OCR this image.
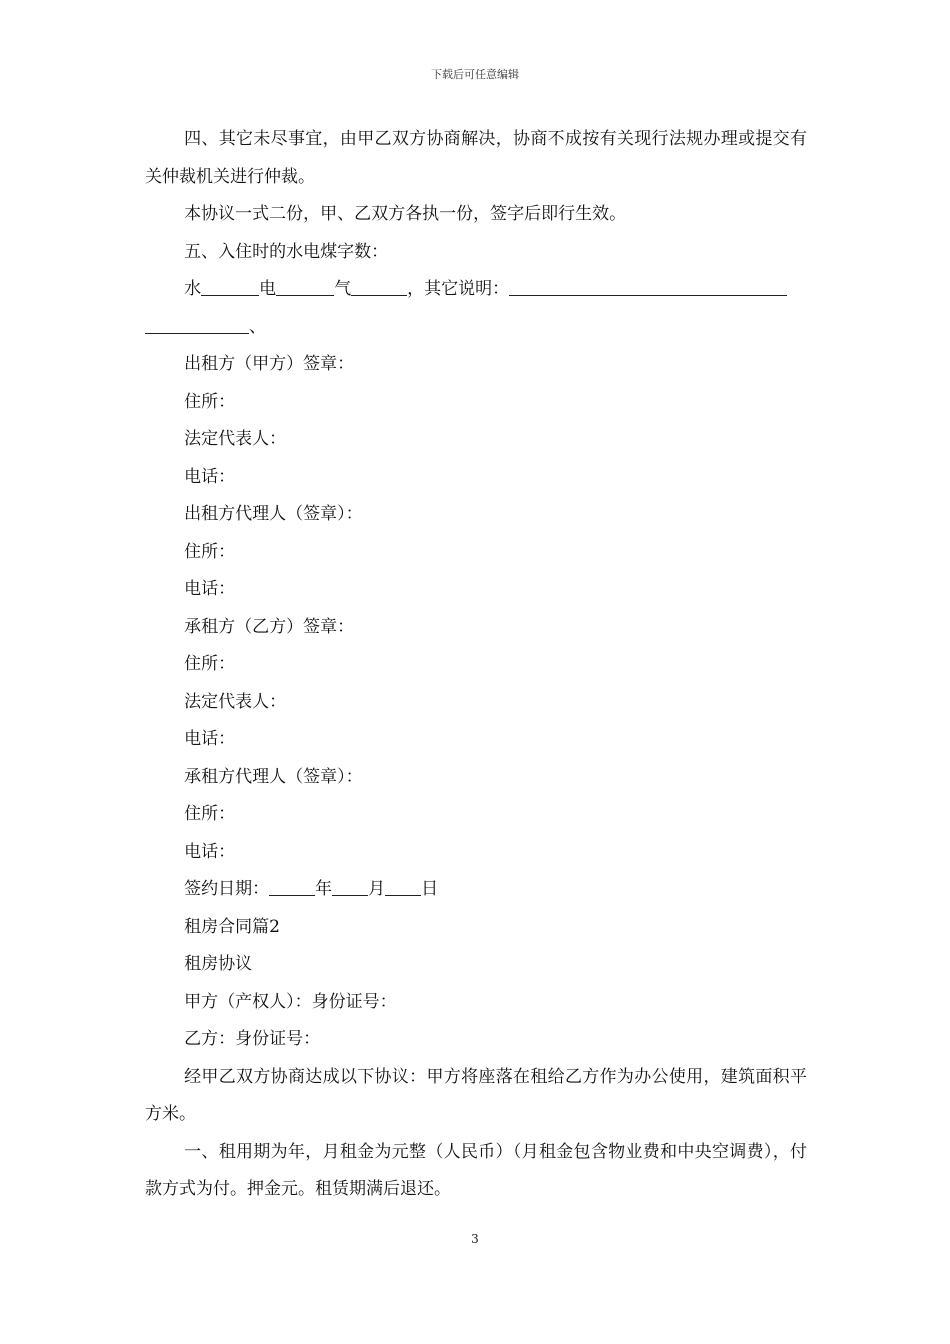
下载后可任意编辑
四、其它未尽事宜，由甲乙双方协商解决，协商不成按有关现行法规办理或提交有关仲裁机关进行仲裁。
本协议一式二份，甲、乙双方各执一份，签字后即行生效。
五、入住时的水电煤字数：
水	电	气	，其它说明：
、
出租方（甲方）签章：
住所：
法定代表人：
电话：
出租方代理人（签章）：
住所：
电话：
承租方（乙方）签章：
住所：
法定代表人：
电话：
承租方代理人（签章）：
住所：
电话：
签约日期：	年 月 日
租房合同篇2
租房协议
甲方（产权人）：身份证号：
乙方：身份证号：
经甲乙双方协商达成以下协议：甲方将座落在租给乙方作为办公使用，建筑面积平方米。
一、租用期为年，月租金为元整（人民币）（月租金包含物业费和中央空调费），付款方式为付。押金元。租赁期满后退还。
3
